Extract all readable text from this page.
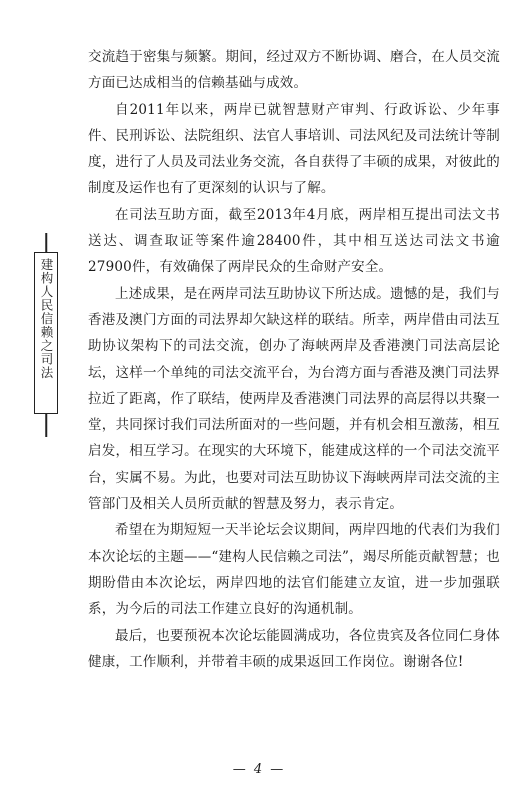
建构人民信赖之司法

交流趋于密集与频繁。期间，经过双方不断协调、磨合，在人员交流方面已达成相当的信赖基础与成效。

自2011年以来，两岸已就智慧财产审判、行政诉讼、少年事件、民刑诉讼、法院组织、法官人事培训、司法风纪及司法统计等制度，进行了人员及司法业务交流，各自获得了丰硕的成果，对彼此的制度及运作也有了更深刻的认识与了解。

在司法互助方面，截至2013年4月底，两岸相互提出司法文书送达、调查取证等案件逾28400件，其中相互送达司法文书逾27900件，有效确保了两岸民众的生命财产安全。

上述成果，是在两岸司法互助协议下所达成。遗憾的是，我们与香港及澳门方面的司法界却欠缺这样的联结。所幸，两岸借由司法互助协议架构下的司法交流，创办了海峡两岸及香港澳门司法高层论坛，这样一个单纯的司法交流平台，为台湾方面与香港及澳门司法界拉近了距离，作了联结，使两岸及香港澳门司法界的高层得以共聚一堂，共同探讨我们司法所面对的一些问题，并有机会相互激荡，相互启发，相互学习。在现实的大环境下，能建成这样的一个司法交流平台，实属不易。为此，也要对司法互助协议下海峡两岸司法交流的主管部门及相关人员所贡献的智慧及努力，表示肯定。

希望在为期短短一天半论坛会议期间，两岸四地的代表们为我们本次论坛的主题——“建构人民信赖之司法”，竭尽所能贡献智慧；也期盼借由本次论坛，两岸四地的法官们能建立友谊，进一步加强联系，为今后的司法工作建立良好的沟通机制。

最后，也要预祝本次论坛能圆满成功，各位贵宾及各位同仁身体健康，工作顺利，并带着丰硕的成果返回工作岗位。谢谢各位!

— 4 —
